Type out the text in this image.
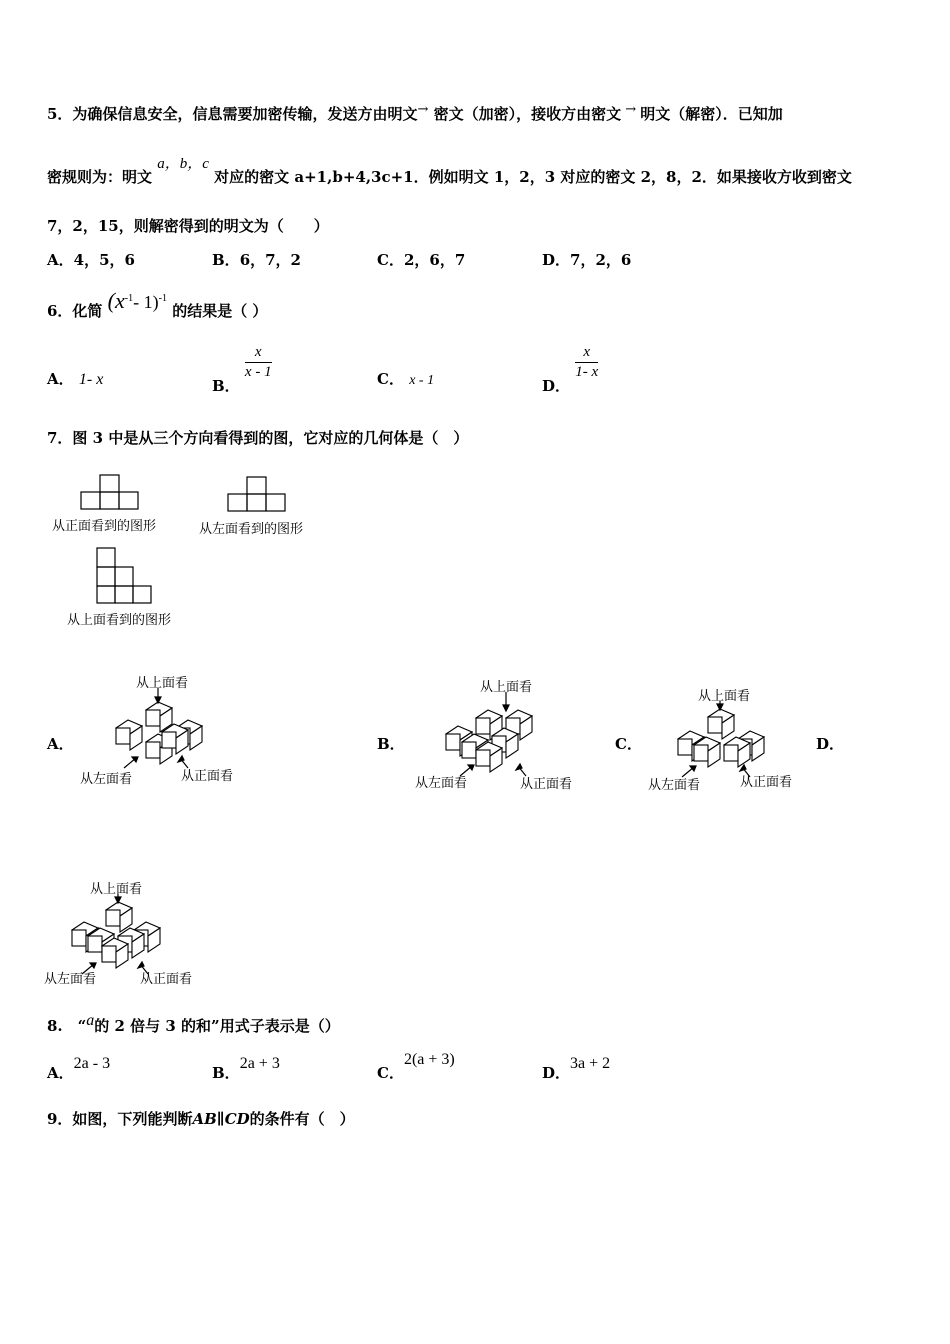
5．为确保信息安全，信息需要加密传输，发送方由明文→ 密文（加密），接收方由密文 → 明文（解密）．已知加
密规则为：明文 a，b，c 对应的密文 a+1,b+4,3c+1．例如明文 1，2，3 对应的密文 2，8，2．如果接收方收到密文
7，2，15，则解密得到的明文为（　　）
A．4，5，6	B．6，7，2	C．2，6，7	D．7，2，6
6．化简 ($x^{-1}-$ 1)$^{-1}$ 的结果是（ ）
A． 1- x	B．
$\frac{x}{x - 1}$	C． x - 1	D．
$\frac{x}{1- x}$
7．图 3 中是从三个方向看得到的图，它对应的几何体是（　）
从正面看到的图形	从左面看到的图形
从上面看到的图形
A．
从上面看
从左面看	从正面看
B．
从上面看
从左面看	从正面看
C．
从上面看
从左面看	从正面看
D．
从上面看
从左面看	从正面看
8.　“a的 2 倍与 3 的和”用式子表示是（）
A．2a - 3
B．2a + 3
C．2(a + 3)
D．3a + 2
9．如图，下列能判断AB∥CD的条件有（　）
